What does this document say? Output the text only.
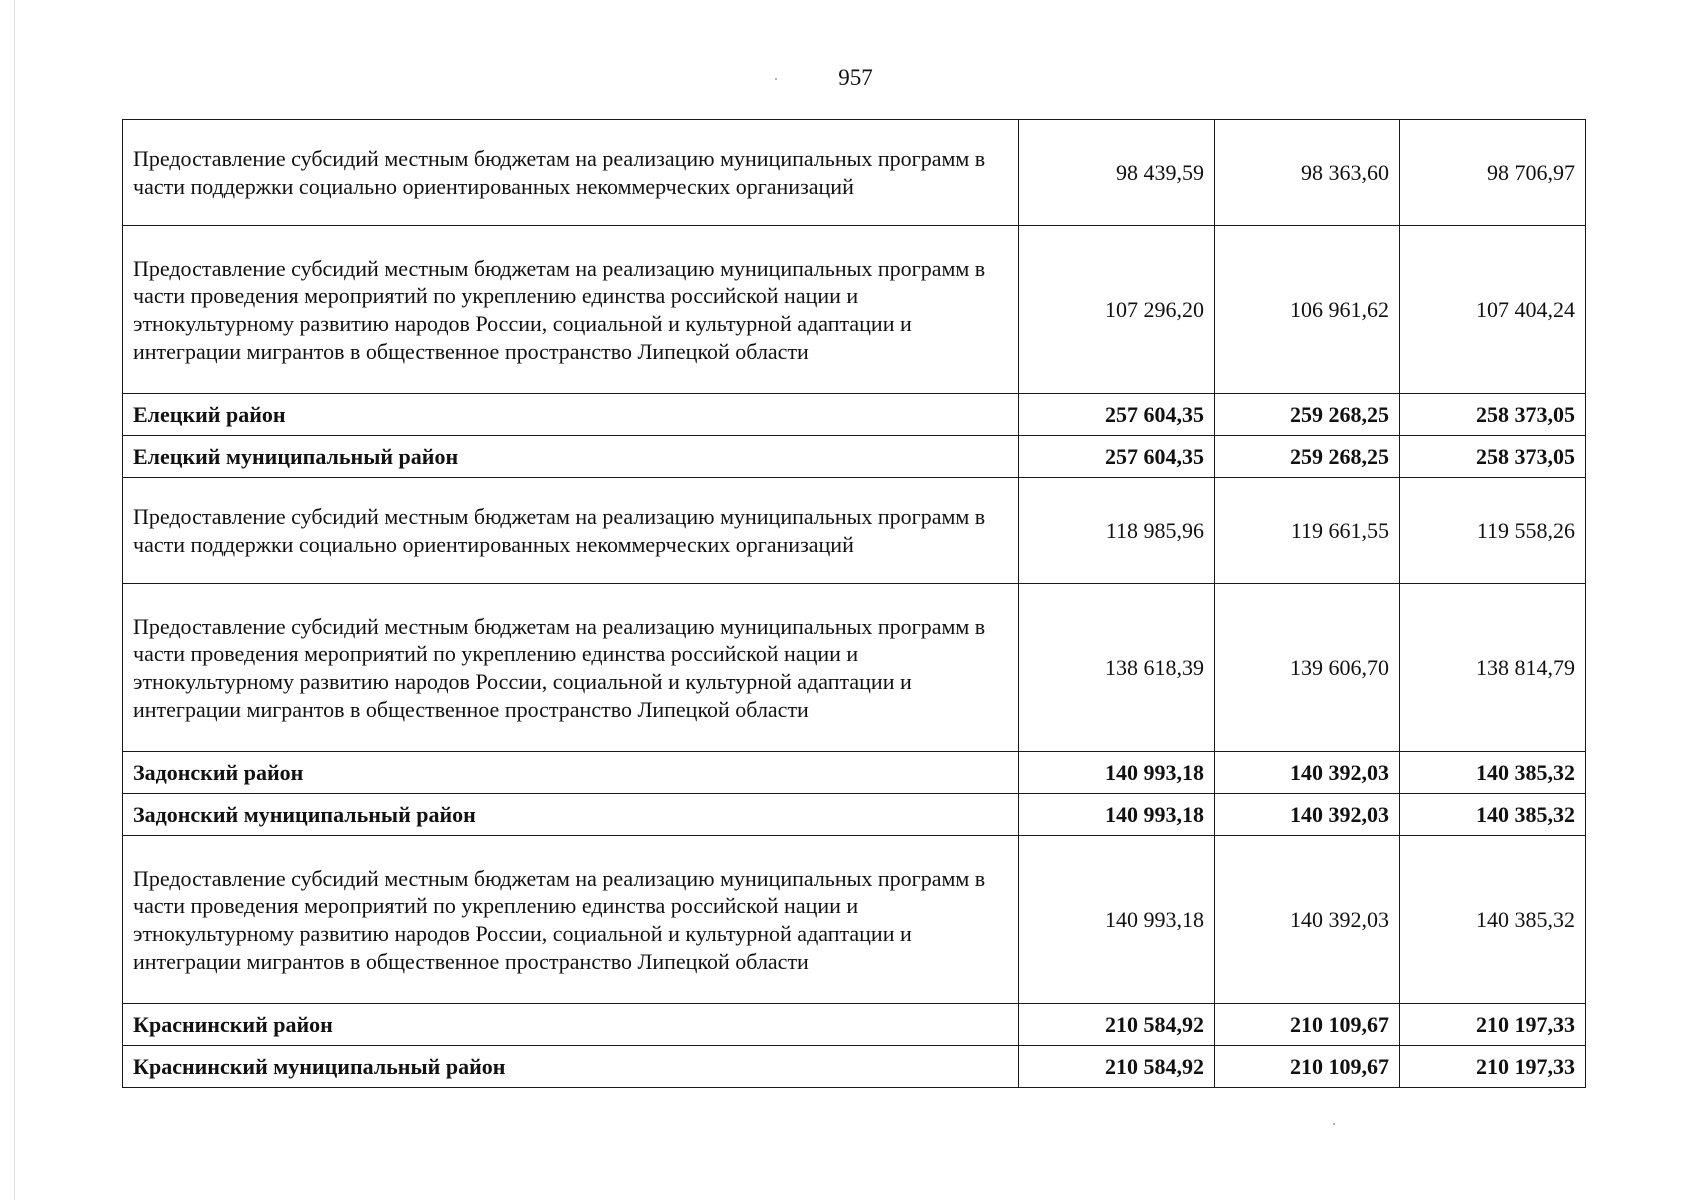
957
Предоставление субсидий местным бюджетам на реализацию муниципальных программ в части поддержки социально ориентированных некоммерческих организаций	98 439,59	98 363,60	98 706,97
Предоставление субсидий местным бюджетам на реализацию муниципальных программ в части проведения мероприятий по укреплению единства российской нации и этнокультурному развитию народов России, социальной и культурной адаптации и интеграции мигрантов в общественное пространство Липецкой области	107 296,20	106 961,62	107 404,24
Елецкий район	257 604,35	259 268,25	258 373,05
Елецкий муниципальный район	257 604,35	259 268,25	258 373,05
Предоставление субсидий местным бюджетам на реализацию муниципальных программ в части поддержки социально ориентированных некоммерческих организаций	118 985,96	119 661,55	119 558,26
Предоставление субсидий местным бюджетам на реализацию муниципальных программ в части проведения мероприятий по укреплению единства российской нации и этнокультурному развитию народов России, социальной и культурной адаптации и интеграции мигрантов в общественное пространство Липецкой области	138 618,39	139 606,70	138 814,79
Задонский район	140 993,18	140 392,03	140 385,32
Задонский муниципальный район	140 993,18	140 392,03	140 385,32
Предоставление субсидий местным бюджетам на реализацию муниципальных программ в части проведения мероприятий по укреплению единства российской нации и этнокультурному развитию народов России, социальной и культурной адаптации и интеграции мигрантов в общественное пространство Липецкой области	140 993,18	140 392,03	140 385,32
Краснинский район	210 584,92	210 109,67	210 197,33
Краснинский муниципальный район	210 584,92	210 109,67	210 197,33
